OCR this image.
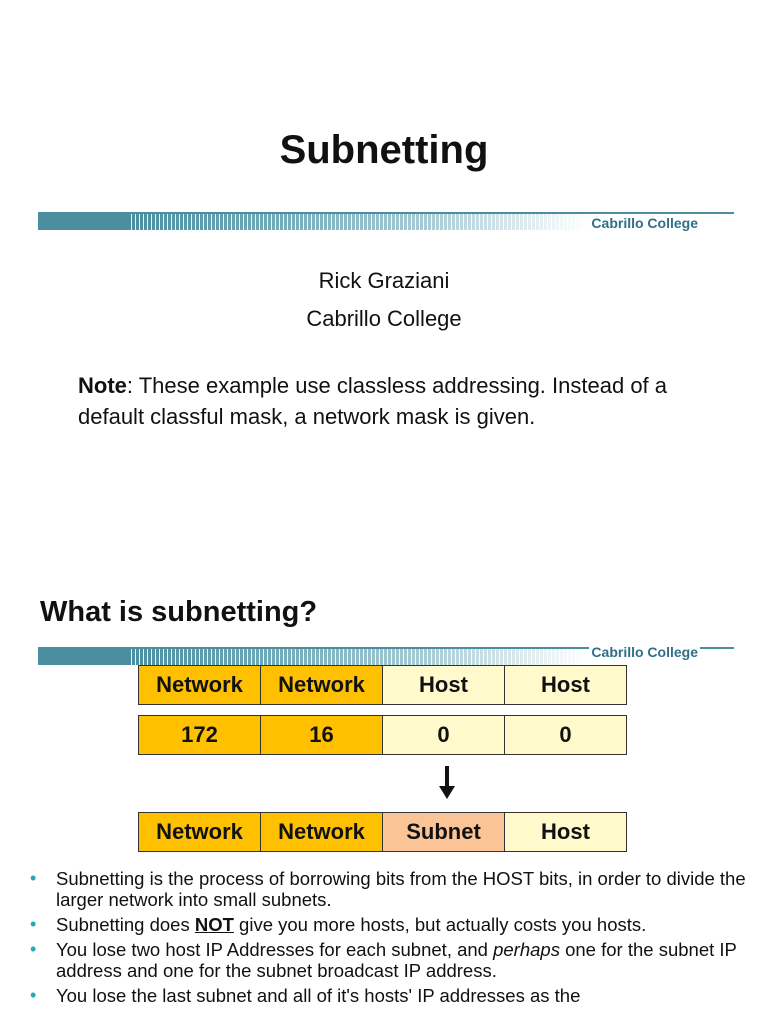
Subnetting
Cabrillo College
Rick Graziani
Cabrillo College

Note: These example use classless addressing. Instead of a default classful mask, a network mask is given.

What is subnetting?
Cabrillo College
Network	Network	Host	Host
172	16	0	0
Network	Network	Subnet	Host
• Subnetting is the process of borrowing bits from the HOST bits, in order to divide the larger network into small subnets.
• Subnetting does NOT give you more hosts, but actually costs you hosts.
• You lose two host IP Addresses for each subnet, and perhaps one for the subnet IP address and one for the subnet broadcast IP address.
• You lose the last subnet and all of it's hosts' IP addresses as the
